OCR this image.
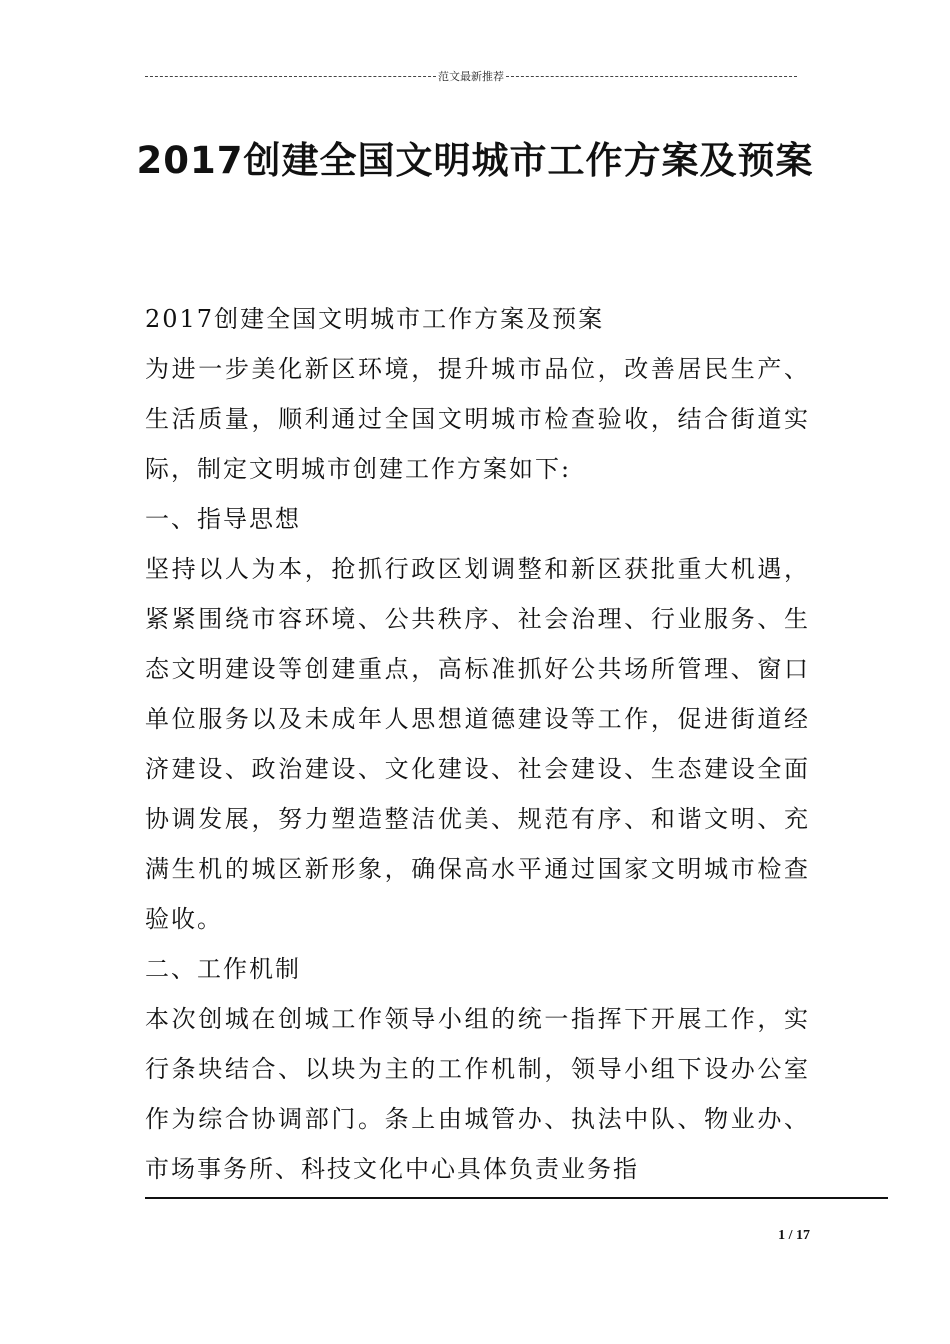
范文最新推荐
2017创建全国文明城市工作方案及预案

2017创建全国文明城市工作方案及预案

为进一步美化新区环境，提升城市品位，改善居民生产、生活质量，顺利通过全国文明城市检查验收，结合街道实际，制定文明城市创建工作方案如下:

一、指导思想

坚持以人为本，抢抓行政区划调整和新区获批重大机遇，紧紧围绕市容环境、公共秩序、社会治理、行业服务、生态文明建设等创建重点，高标准抓好公共场所管理、窗口单位服务以及未成年人思想道德建设等工作，促进街道经济建设、政治建设、文化建设、社会建设、生态建设全面协调发展，努力塑造整洁优美、规范有序、和谐文明、充满生机的城区新形象，确保高水平通过国家文明城市检查验收。

二、工作机制

本次创城在创城工作领导小组的统一指挥下开展工作，实行条块结合、以块为主的工作机制，领导小组下设办公室作为综合协调部门。条上由城管办、执法中队、物业办、市场事务所、科技文化中心具体负责业务指

1 / 17
